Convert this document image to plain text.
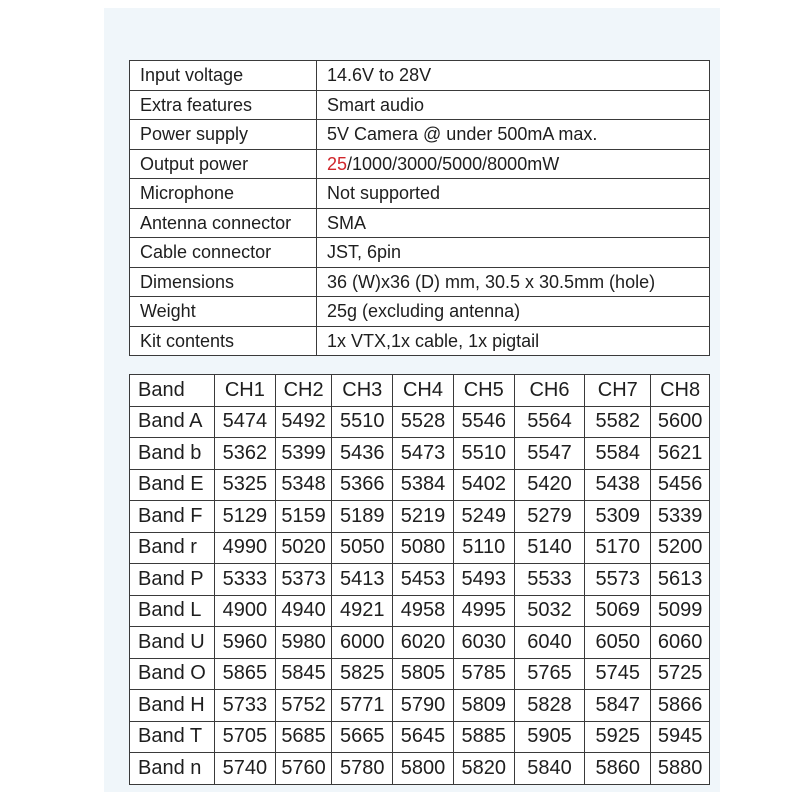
Input voltage	14.6V to 28V
Extra features	Smart audio
Power supply	5V Camera @ under 500mA max.
Output power	25/1000/3000/5000/8000mW
Microphone	Not supported
Antenna connector	SMA
Cable connector	JST, 6pin
Dimensions	36 (W)x36 (D) mm, 30.5 x 30.5mm (hole)
Weight	25g (excluding antenna)
Kit contents	1x VTX,1x cable, 1x pigtail
Band	CH1	CH2	CH3	CH4	CH5	CH6	CH7	CH8
Band A	5474	5492	5510	5528	5546	5564	5582	5600
Band b	5362	5399	5436	5473	5510	5547	5584	5621
Band E	5325	5348	5366	5384	5402	5420	5438	5456
Band F	5129	5159	5189	5219	5249	5279	5309	5339
Band r	4990	5020	5050	5080	5110	5140	5170	5200
Band P	5333	5373	5413	5453	5493	5533	5573	5613
Band L	4900	4940	4921	4958	4995	5032	5069	5099
Band U	5960	5980	6000	6020	6030	6040	6050	6060
Band O	5865	5845	5825	5805	5785	5765	5745	5725
Band H	5733	5752	5771	5790	5809	5828	5847	5866
Band T	5705	5685	5665	5645	5885	5905	5925	5945
Band n	5740	5760	5780	5800	5820	5840	5860	5880
